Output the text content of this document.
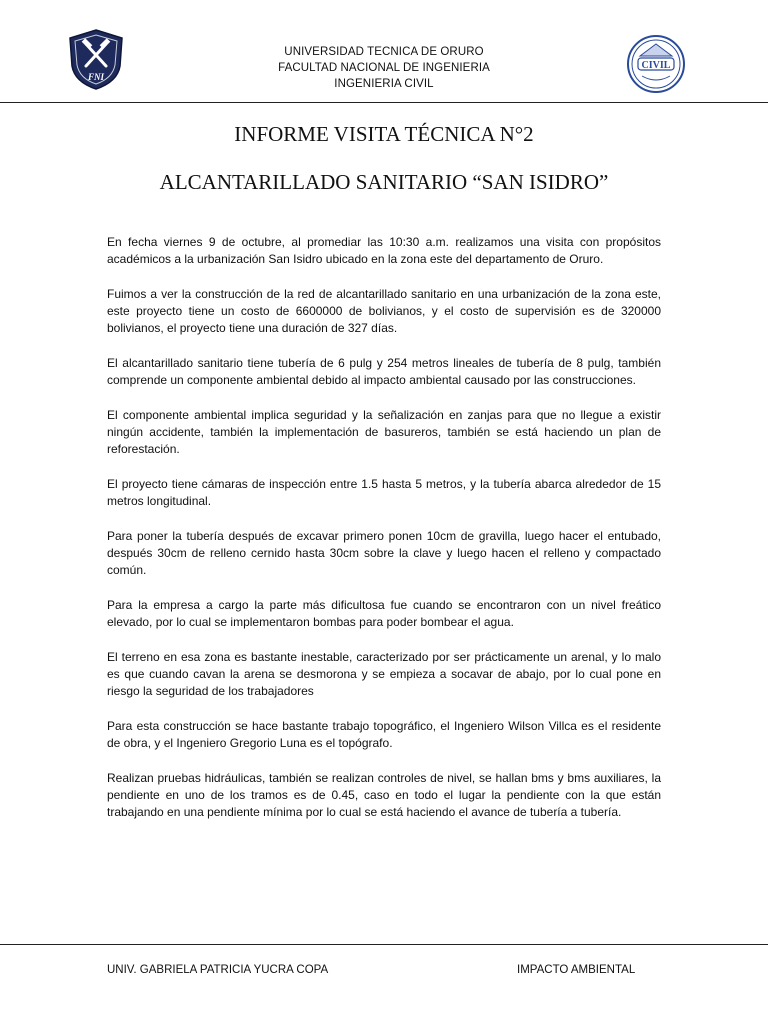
FNI
UNIVERSIDAD TECNICA DE ORURO
FACULTAD NACIONAL DE INGENIERIA
INGENIERIA CIVIL
CIVIL
INFORME VISITA TÉCNICA N°2
ALCANTARILLADO SANITARIO “SAN ISIDRO”

En fecha viernes 9 de octubre, al promediar las 10:30 a.m. realizamos una visita con propósitos académicos a la urbanización San Isidro ubicado en la zona este del departamento de Oruro.

Fuimos a ver la construcción de la red de alcantarillado sanitario en una urbanización de la zona este, este proyecto tiene un costo de 6600000 de bolivianos, y el costo de supervisión es de 320000 bolivianos, el proyecto tiene una duración de 327 días.

El alcantarillado sanitario tiene tubería de 6 pulg y 254 metros lineales de tubería de 8 pulg, también comprende un componente ambiental debido al impacto ambiental causado por las construcciones.

El componente ambiental implica seguridad y la señalización en zanjas para que no llegue a existir ningún accidente, también la implementación de basureros, también se está haciendo un plan de reforestación.

El proyecto tiene cámaras de inspección entre 1.5 hasta 5 metros, y la tubería abarca alrededor de 15 metros longitudinal.

Para poner la tubería después de excavar primero ponen 10cm de gravilla, luego hacer el entubado, después 30cm de relleno cernido hasta 30cm sobre la clave y luego hacen el relleno y compactado común.

Para la empresa a cargo la parte más dificultosa fue cuando se encontraron con un nivel freático elevado, por lo cual se implementaron bombas para poder bombear el agua.

El terreno en esa zona es bastante inestable, caracterizado por ser prácticamente un arenal, y lo malo es que cuando cavan la arena se desmorona y se empieza a socavar de abajo, por lo cual pone en riesgo la seguridad de los trabajadores

Para esta construcción se hace bastante trabajo topográfico, el Ingeniero Wilson Villca es el residente de obra, y el Ingeniero Gregorio Luna es el topógrafo.

Realizan pruebas hidráulicas, también se realizan controles de nivel, se hallan bms y bms auxiliares, la pendiente en uno de los tramos es de 0.45, caso en todo el lugar la pendiente con la que están trabajando en una pendiente mínima por lo cual se está haciendo el avance de tubería a tubería.

UNIV. GABRIELA PATRICIA YUCRA COPA	IMPACTO AMBIENTAL
